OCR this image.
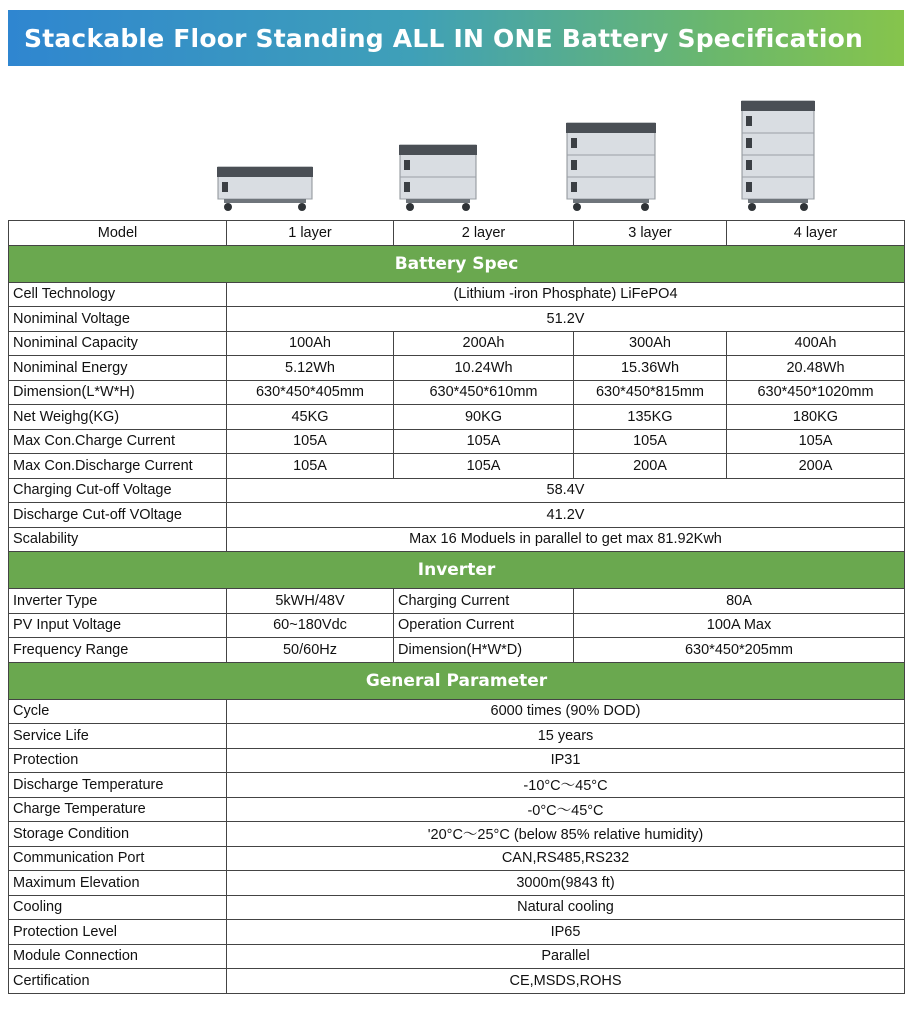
Stackable Floor Standing ALL IN ONE Battery Specification
Model	1 layer	2 layer	3 layer	4 layer
Battery Spec				
Cell Technology	(Lithium -iron Phosphate) LiFePO4			
Noniminal Voltage	51.2V			
Noniminal Capacity	100Ah	200Ah	300Ah	400Ah
Noniminal Energy	5.12Wh	10.24Wh	15.36Wh	20.48Wh
Dimension(L*W*H)	630*450*405mm	630*450*610mm	630*450*815mm	630*450*1020mm
Net Weighg(KG)	45KG	90KG	135KG	180KG
Max Con.Charge Current	105A	105A	105A	105A
Max Con.Discharge Current	105A	105A	200A	200A
Charging Cut-off Voltage	58.4V			
Discharge Cut-off VOltage	41.2V			
Scalability	Max 16 Moduels in parallel to get max 81.92Kwh			
Inverter				
Inverter Type	5kWH/48V	Charging Current	80A	
PV Input Voltage	60~180Vdc	Operation Current	100A Max	
Frequency Range	50/60Hz	Dimension(H*W*D)	630*450*205mm	
General Parameter				
Cycle	6000 times (90% DOD)			
Service Life	15 years			
Protection	IP31			
Discharge Temperature	-10°C～45°C			
Charge Temperature	-0°C～45°C			
Storage Condition	'20°C～25°C (below 85% relative humidity)			
Communication Port	CAN,RS485,RS232			
Maximum Elevation	3000m(9843 ft)			
Cooling	Natural cooling			
Protection Level	IP65			
Module Connection	Parallel			
Certification	CE,MSDS,ROHS			
